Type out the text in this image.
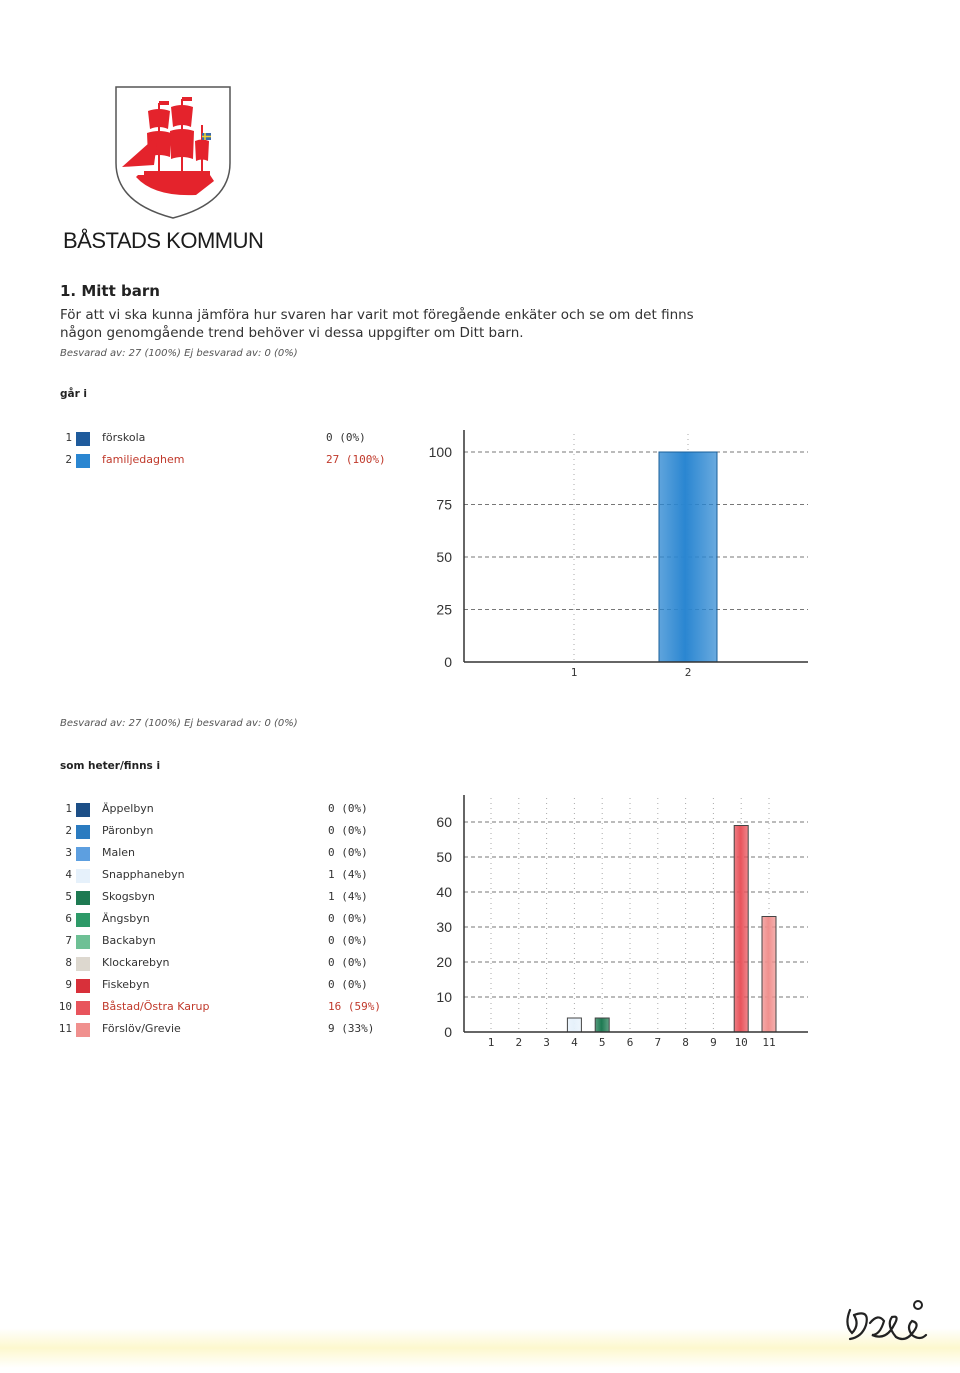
BÅSTADS KOMMUN
1. Mitt barn
För att vi ska kunna jämföra hur svaren har varit mot föregående enkäter och se om det finns
någon genomgående trend behöver vi dessa uppgifter om Ditt barn.
Besvarad av: 27 (100%) Ej besvarad av: 0 (0%)
går i
1	förskola	0 (0%)
2	familjedaghem	27 (100%)
0
25
50
75
100
1	2
Besvarad av: 27 (100%) Ej besvarad av: 0 (0%)
som heter/finns i
1	Äppelbyn	0 (0%)
2	Päronbyn	0 (0%)
3	Malen	0 (0%)
4	Snapphanebyn	1 (4%)
5	Skogsbyn	1 (4%)
6	Ängsbyn	0 (0%)
7	Backabyn	0 (0%)
8	Klockarebyn	0 (0%)
9	Fiskebyn	0 (0%)
10	Båstad/Östra Karup	16 (59%)
11	Förslöv/Grevie	9 (33%)	0
10
20
30
40
50
60
1 2 3 4 5 6 7 8 9 10 11
